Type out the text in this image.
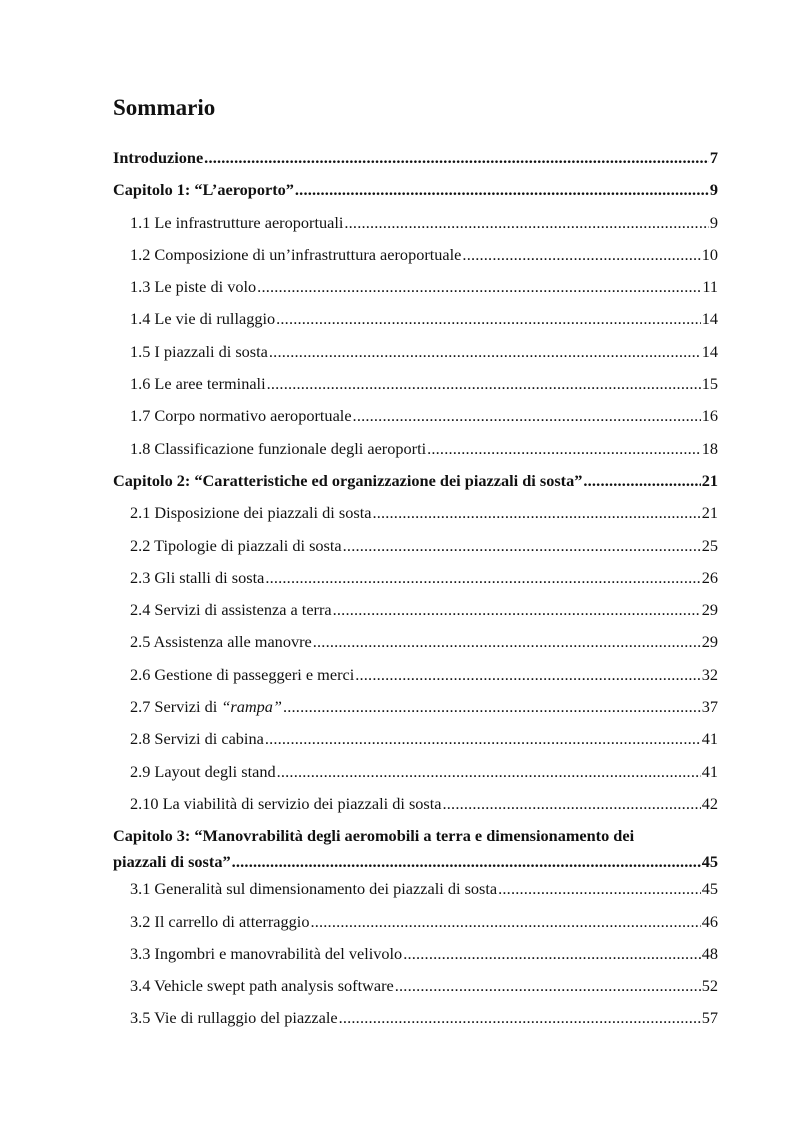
Sommario
Introduzione .....	7
Capitolo 1: “L’aeroporto” .....	9
1.1 Le infrastrutture aeroportuali .....	9
1.2 Composizione di un’infrastruttura aeroportuale .....	10
1.3 Le piste di volo .....	11
1.4 Le vie di rullaggio .....	14
1.5 I piazzali di sosta .....	14
1.6 Le aree terminali .....	15
1.7 Corpo normativo aeroportuale .....	16
1.8 Classificazione funzionale degli aeroporti .....	18
Capitolo 2: “Caratteristiche ed organizzazione dei piazzali di sosta” .....	21
2.1 Disposizione dei piazzali di sosta .....	21
2.2 Tipologie di piazzali di sosta .....	25
2.3 Gli stalli di sosta .....	26
2.4 Servizi di assistenza a terra .....	29
2.5 Assistenza alle manovre .....	29
2.6 Gestione di passeggeri e merci .....	32
2.7 Servizi di “rampa” .....	37
2.8 Servizi di cabina .....	41
2.9 Layout degli stand .....	41
2.10 La viabilità di servizio dei piazzali di sosta .....	42
Capitolo 3: “Manovrabilità degli aeromobili a terra e dimensionamento dei
piazzali di sosta” .....	45
3.1 Generalità sul dimensionamento dei piazzali di sosta .....	45
3.2 Il carrello di atterraggio .....	46
3.3 Ingombri e manovrabilità del velivolo .....	48
3.4 Vehicle swept path analysis software .....	52
3.5 Vie di rullaggio del piazzale .....	57
